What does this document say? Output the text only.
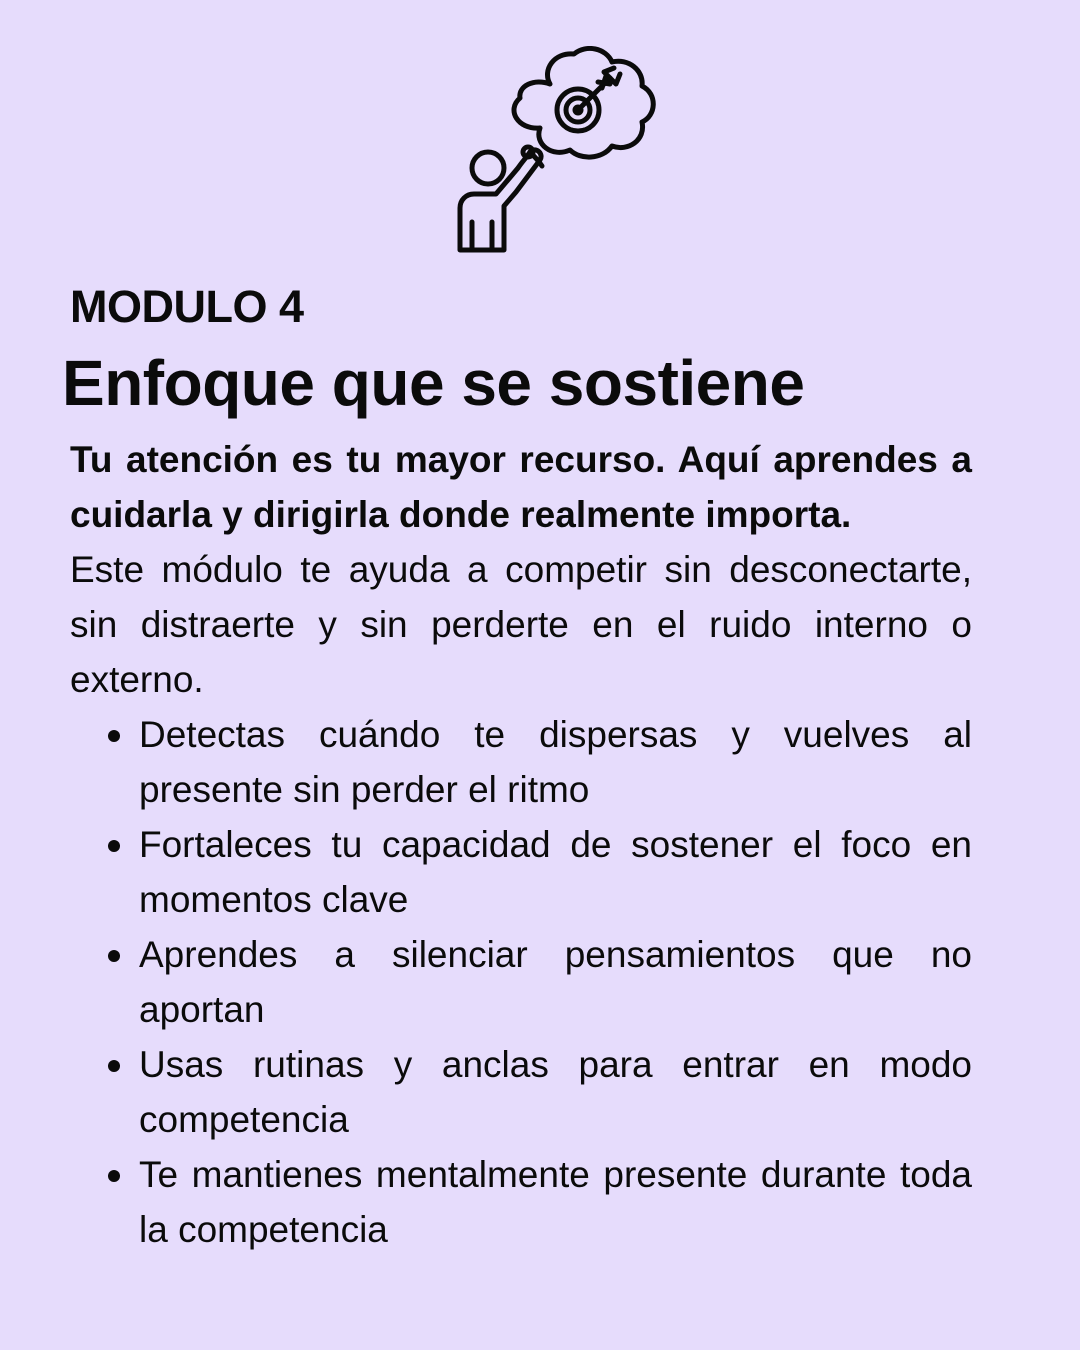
MODULO 4
Enfoque que se sostiene

Tu atención es tu mayor recurso. Aquí aprendes a cuidarla y dirigirla donde realmente importa.

Este módulo te ayuda a competir sin desconectarte, sin distraerte y sin perderte en el ruido interno o externo.

Detectas cuándo te dispersas y vuelves al presente sin perder el ritmo
Fortaleces tu capacidad de sostener el foco en momentos clave
Aprendes a silenciar pensamientos que no aportan
Usas rutinas y anclas para entrar en modo competencia
Te mantienes mentalmente presente durante toda la competencia
